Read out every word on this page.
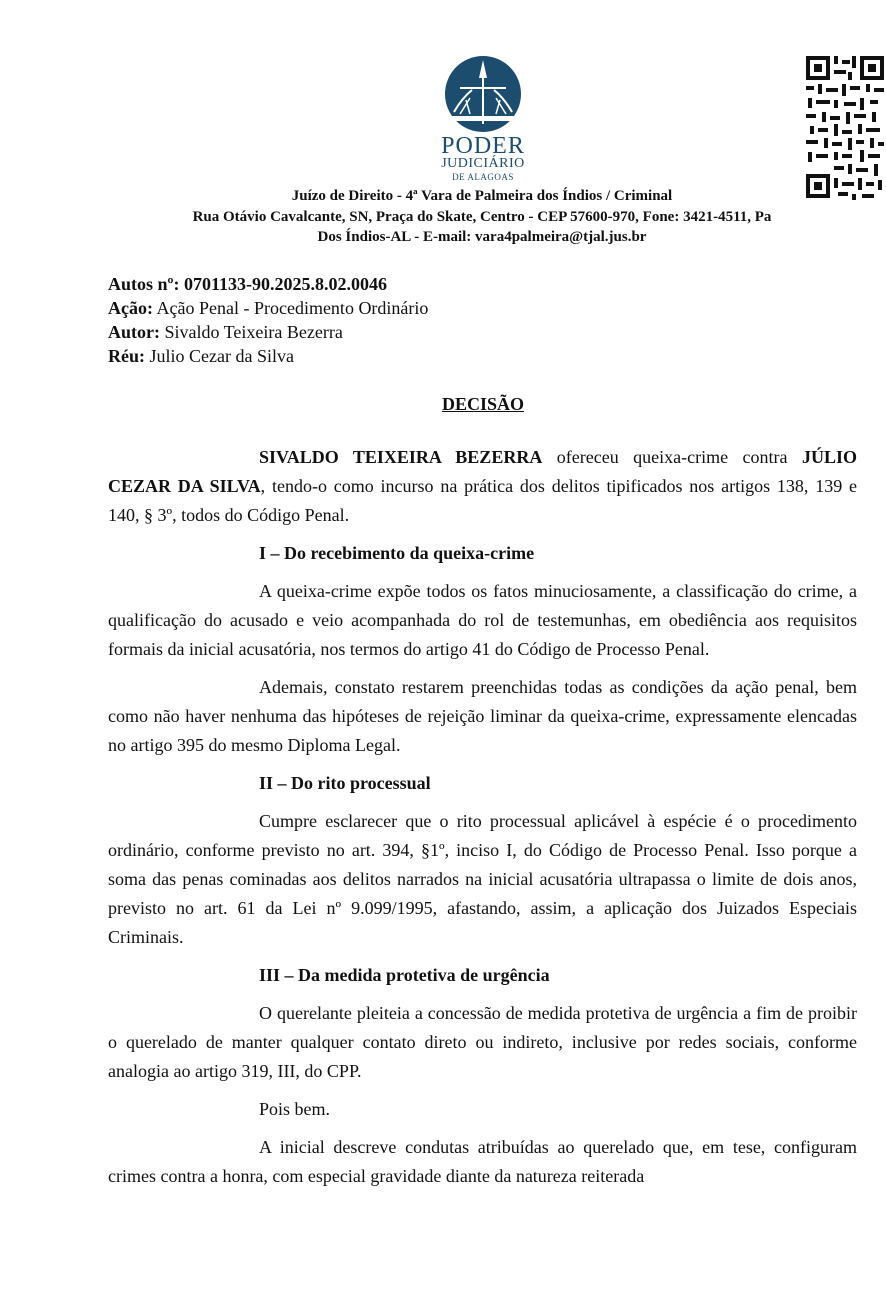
PODER
JUDICIÁRIO
DE ALAGOAS
Juízo de Direito - 4ª Vara de Palmeira dos Índios / Criminal
Rua Otávio Cavalcante, SN, Praça do Skate, Centro - CEP 57600-970, Fone: 3421-4511, Pa
Dos Índios-AL - E-mail: vara4palmeira@tjal.jus.br
Autos nº: 0701133-90.2025.8.02.0046
Ação: Ação Penal - Procedimento Ordinário
Autor: Sivaldo Teixeira Bezerra
Réu: Julio Cezar da Silva
DECISÃO

SIVALDO TEIXEIRA BEZERRA ofereceu queixa-crime contra JÚLIO CEZAR DA SILVA, tendo-o como incurso na prática dos delitos tipificados nos artigos 138, 139 e 140, § 3º, todos do Código Penal.

I – Do recebimento da queixa-crime

A queixa-crime expõe todos os fatos minuciosamente, a classificação do crime, a qualificação do acusado e veio acompanhada do rol de testemunhas, em obediência aos requisitos formais da inicial acusatória, nos termos do artigo 41 do Código de Processo Penal.

Ademais, constato restarem preenchidas todas as condições da ação penal, bem como não haver nenhuma das hipóteses de rejeição liminar da queixa-crime, expressamente elencadas no artigo 395 do mesmo Diploma Legal.

II – Do rito processual

Cumpre esclarecer que o rito processual aplicável à espécie é o procedimento ordinário, conforme previsto no art. 394, §1º, inciso I, do Código de Processo Penal. Isso porque a soma das penas cominadas aos delitos narrados na inicial acusatória ultrapassa o limite de dois anos, previsto no art. 61 da Lei nº 9.099/1995, afastando, assim, a aplicação dos Juizados Especiais Criminais.

III – Da medida protetiva de urgência

O querelante pleiteia a concessão de medida protetiva de urgência a fim de proibir o querelado de manter qualquer contato direto ou indireto, inclusive por redes sociais, conforme analogia ao artigo 319, III, do CPP.

Pois bem.

A inicial descreve condutas atribuídas ao querelado que, em tese, configuram crimes contra a honra, com especial gravidade diante da natureza reiterada
